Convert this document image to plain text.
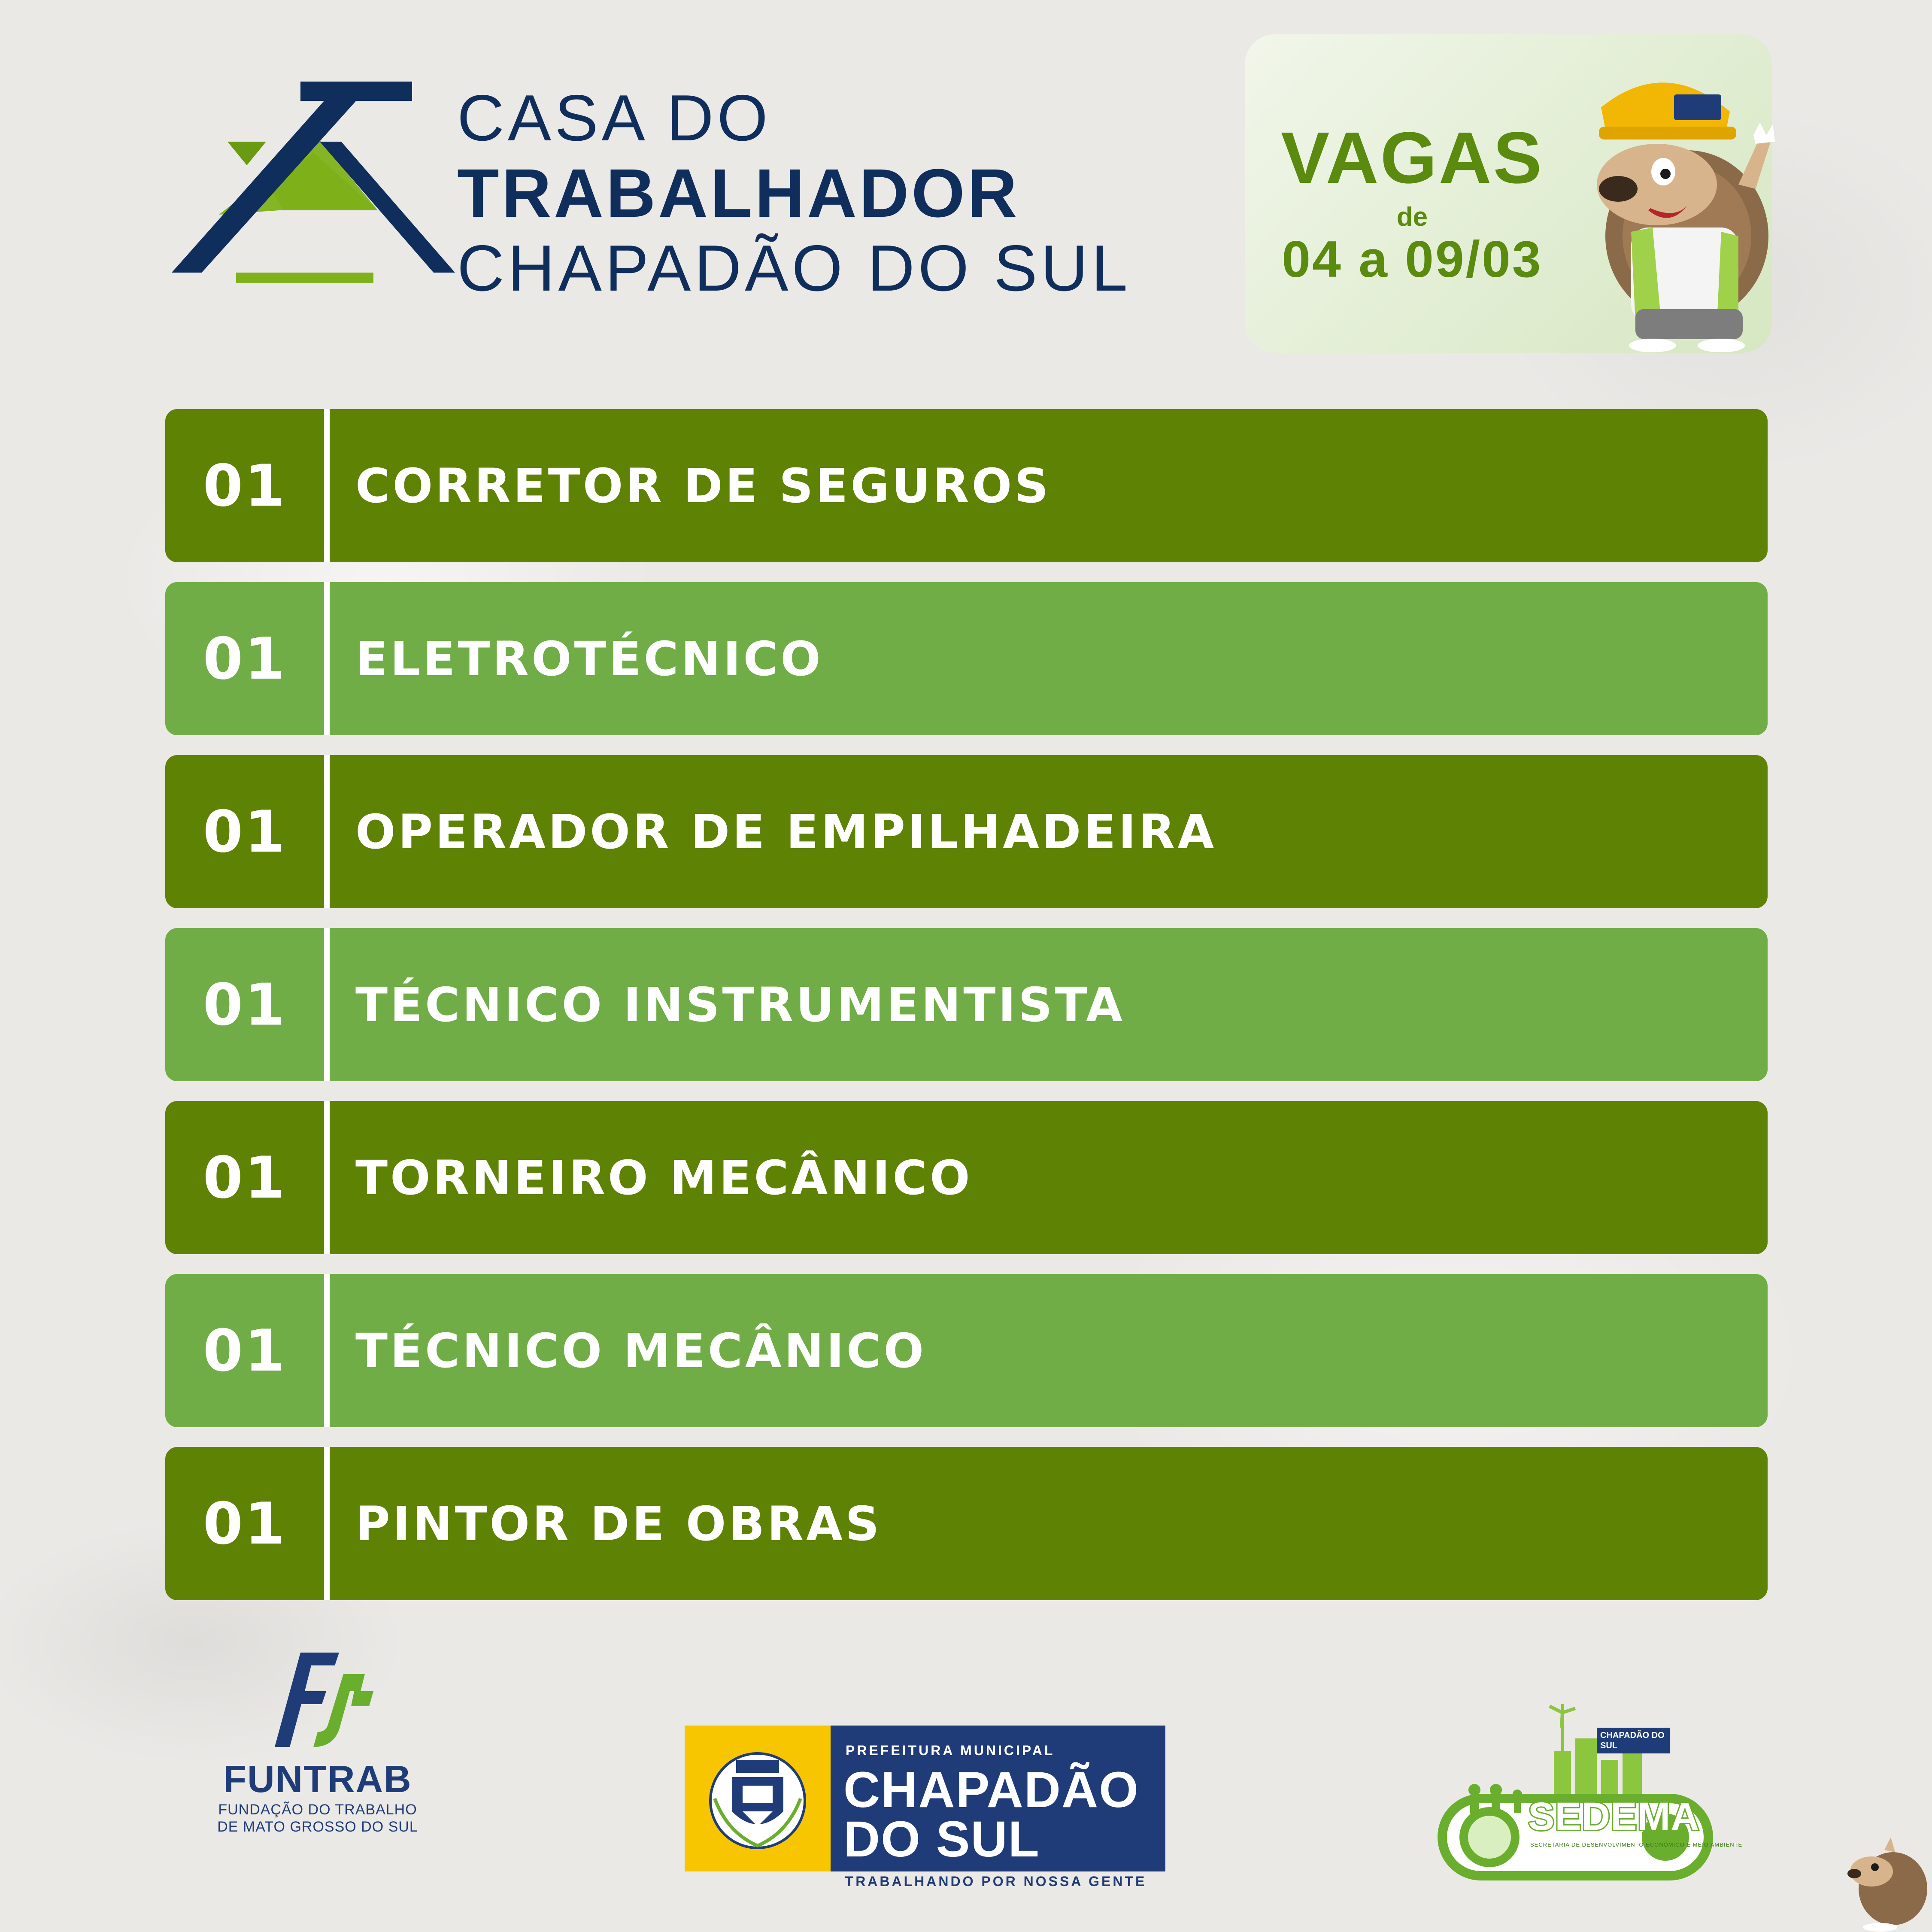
CASA DO
TRABALHADOR
CHAPADÃO DO SUL
VAGAS
de
04 a 09/03
01	CORRETOR DE SEGUROS
01	ELETROTÉCNICO
01	OPERADOR DE EMPILHADEIRA
01	TÉCNICO INSTRUMENTISTA
01	TORNEIRO MECÂNICO
01	TÉCNICO MECÂNICO
01	PINTOR DE OBRAS
FUNTRAB
FUNDAÇÃO DO TRABALHO
DE MATO GROSSO DO SUL
PREFEITURA MUNICIPAL
CHAPADÃO
DO SUL
TRABALHANDO POR NOSSA GENTE
CHAPADÃO DO SUL
SEDEMA
SECRETARIA DE DESENVOLVIMENTO ECONÔMICO E MEIO AMBIENTE
